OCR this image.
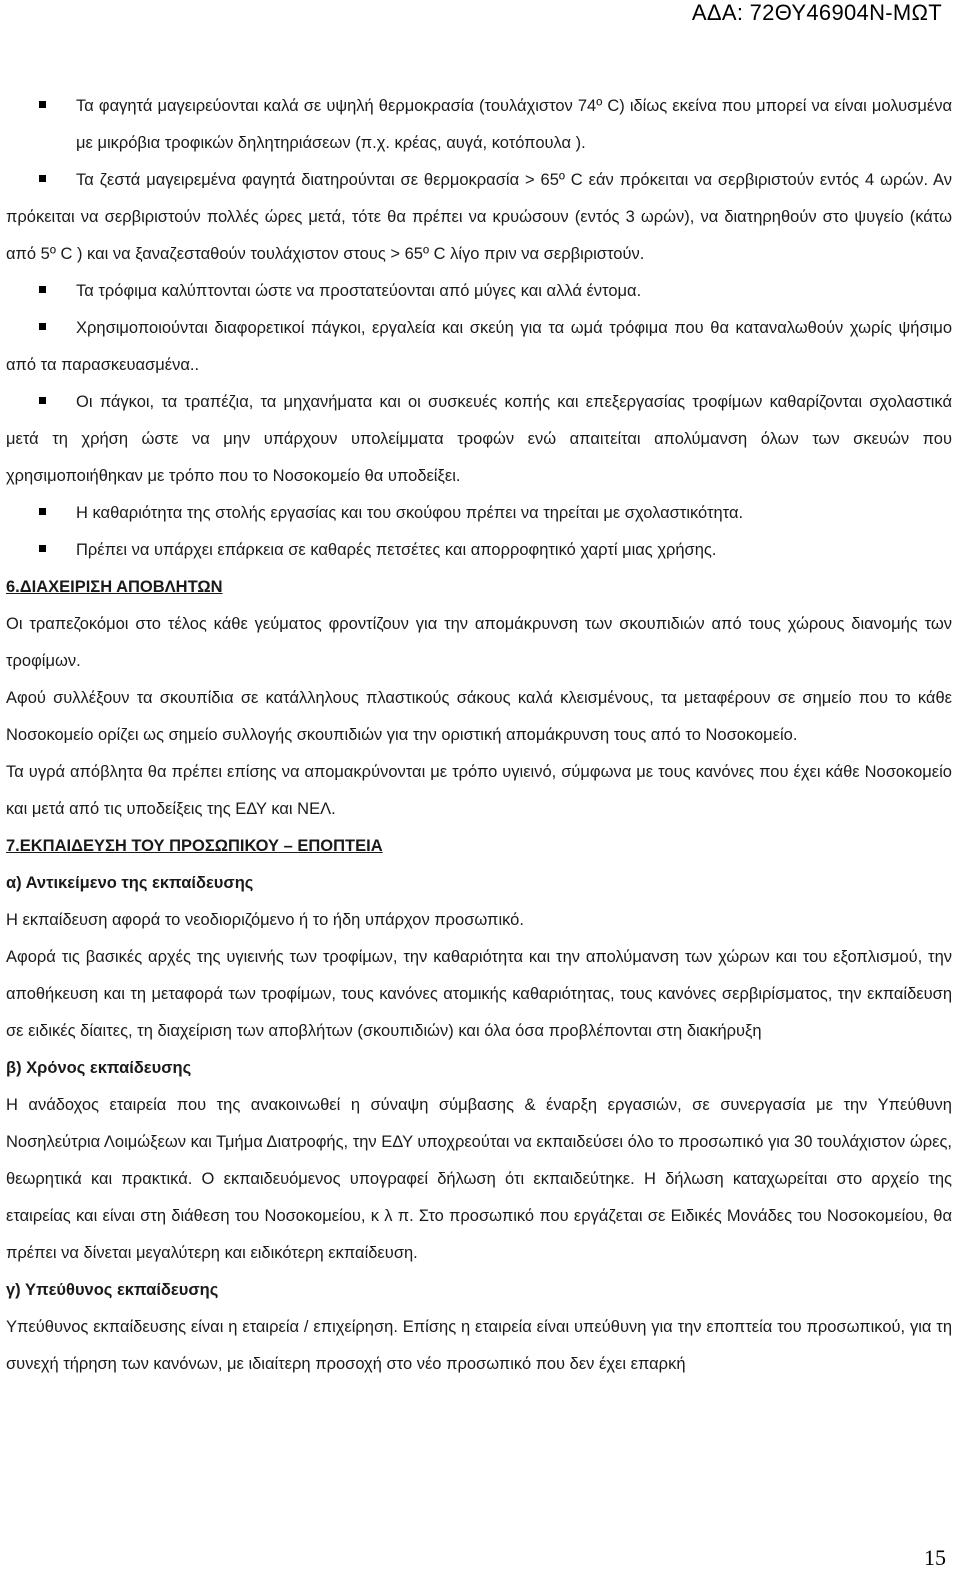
ΑΔΑ: 72ΘΥ46904Ν-ΜΩΤ

Τα φαγητά μαγειρεύονται καλά σε υψηλή θερμοκρασία (τουλάχιστον 74º C) ιδίως εκείνα που μπορεί να είναι μολυσμένα με μικρόβια τροφικών δηλητηριάσεων (π.χ. κρέας, αυγά, κοτόπουλα ).

Τα ζεστά μαγειρεμένα φαγητά διατηρούνται σε θερμοκρασία > 65º C εάν πρόκειται να σερβιριστούν εντός 4 ωρών. Αν πρόκειται να σερβιριστούν πολλές ώρες μετά, τότε θα πρέπει να κρυώσουν (εντός 3 ωρών), να διατηρηθούν στο ψυγείο (κάτω από 5º C ) και να ξαναζεσταθούν τουλάχιστον στους > 65º C λίγο πριν να σερβιριστούν.

Τα τρόφιμα καλύπτονται ώστε να προστατεύονται από μύγες και αλλά έντομα.

Χρησιμοποιούνται διαφορετικοί πάγκοι, εργαλεία και σκεύη για τα ωμά τρόφιμα που θα καταναλωθούν χωρίς ψήσιμο από τα παρασκευασμένα..

Οι πάγκοι, τα τραπέζια, τα μηχανήματα και οι συσκευές κοπής και επεξεργασίας τροφίμων καθαρίζονται σχολαστικά μετά τη χρήση ώστε να μην υπάρχουν υπολείμματα τροφών ενώ απαιτείται απολύμανση όλων των σκευών που χρησιμοποιήθηκαν με τρόπο που το Νοσοκομείο θα υποδείξει.

Η καθαριότητα της στολής εργασίας και του σκούφου πρέπει να τηρείται με σχολαστικότητα.

Πρέπει να υπάρχει επάρκεια σε καθαρές πετσέτες και απορροφητικό χαρτί μιας χρήσης.

6.ΔΙΑΧΕΙΡΙΣΗ ΑΠΟΒΛΗΤΩΝ

Οι τραπεζοκόμοι στο τέλος κάθε γεύματος φροντίζουν για την απομάκρυνση των σκουπιδιών από τους χώρους διανομής των τροφίμων.

Αφού συλλέξουν τα σκουπίδια σε κατάλληλους πλαστικούς σάκους καλά κλεισμένους, τα μεταφέρουν σε σημείο που το κάθε Νοσοκομείο ορίζει ως σημείο συλλογής σκουπιδιών για την οριστική απομάκρυνση τους από το Νοσοκομείο.

Τα υγρά απόβλητα θα πρέπει επίσης να απομακρύνονται με τρόπο υγιεινό, σύμφωνα με τους κανόνες που έχει κάθε Νοσοκομείο και μετά από τις υποδείξεις της ΕΔΥ και ΝΕΛ.

7.ΕΚΠΑΙΔΕΥΣΗ ΤΟΥ ΠΡΟΣΩΠΙΚΟΥ – ΕΠΟΠΤΕΙΑ

α) Αντικείμενο της εκπαίδευσης

Η εκπαίδευση αφορά το νεοδιοριζόμενο ή το ήδη υπάρχον προσωπικό.

Αφορά τις βασικές αρχές της υγιεινής των τροφίμων, την καθαριότητα και την απολύμανση των χώρων και του εξοπλισμού, την αποθήκευση και τη μεταφορά των τροφίμων, τους κανόνες ατομικής καθαριότητας, τους κανόνες σερβιρίσματος, την εκπαίδευση σε ειδικές δίαιτες, τη διαχείριση των αποβλήτων (σκουπιδιών) και όλα όσα προβλέπονται στη διακήρυξη

β) Χρόνος εκπαίδευσης

Η ανάδοχος εταιρεία που της ανακοινωθεί η σύναψη σύμβασης & έναρξη εργασιών, σε συνεργασία με την Υπεύθυνη Νοσηλεύτρια Λοιμώξεων και Τμήμα Διατροφής, την ΕΔΥ υποχρεούται να εκπαιδεύσει όλο το προσωπικό για 30 τουλάχιστον ώρες, θεωρητικά και πρακτικά. Ο εκπαιδευόμενος υπογραφεί δήλωση ότι εκπαιδεύτηκε. Η δήλωση καταχωρείται στο αρχείο της εταιρείας και είναι στη διάθεση του Νοσοκομείου, κ λ π. Στο προσωπικό που εργάζεται σε Ειδικές Μονάδες του Νοσοκομείου, θα πρέπει να δίνεται μεγαλύτερη και ειδικότερη εκπαίδευση.

γ) Υπεύθυνος εκπαίδευσης

Υπεύθυνος εκπαίδευσης είναι η εταιρεία / επιχείρηση. Επίσης η εταιρεία είναι υπεύθυνη για την εποπτεία του προσωπικού, για τη συνεχή τήρηση των κανόνων, με ιδιαίτερη προσοχή στο νέο προσωπικό που δεν έχει επαρκή

15
